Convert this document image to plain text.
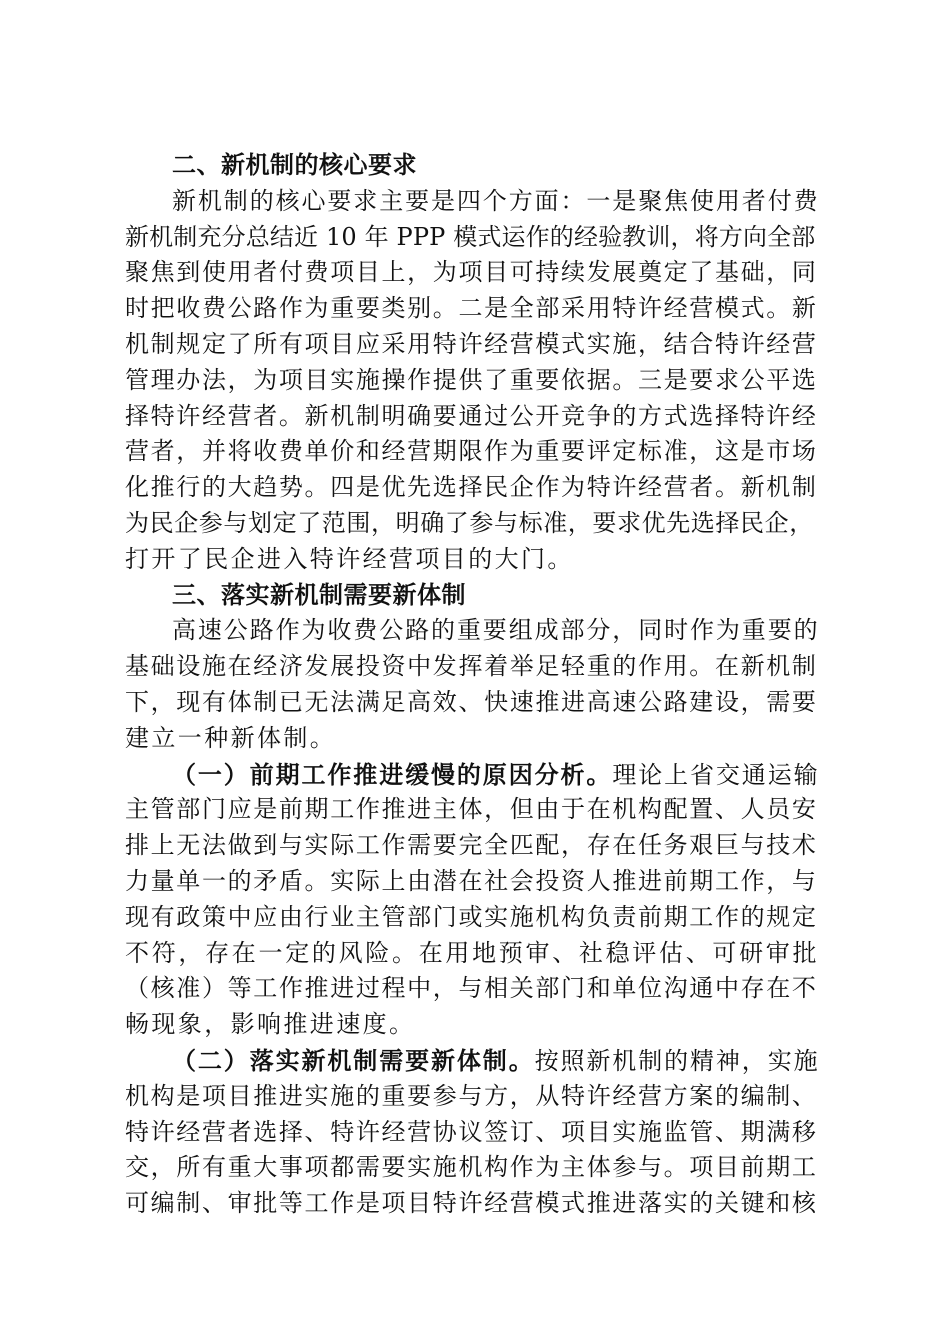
二、新机制的核心要求
新机制的核心要求主要是四个方面：一是聚焦使用者付费
新机制充分总结近 10 年 PPP 模式运作的经验教训，将方向全部
聚焦到使用者付费项目上，为项目可持续发展奠定了基础，同
时把收费公路作为重要类别。二是全部采用特许经营模式。新
机制规定了所有项目应采用特许经营模式实施，结合特许经营
管理办法，为项目实施操作提供了重要依据。三是要求公平选
择特许经营者。新机制明确要通过公开竞争的方式选择特许经
营者，并将收费单价和经营期限作为重要评定标准，这是市场
化推行的大趋势。四是优先选择民企作为特许经营者。新机制
为民企参与划定了范围，明确了参与标准，要求优先选择民企，
打开了民企进入特许经营项目的大门。
三、落实新机制需要新体制
高速公路作为收费公路的重要组成部分，同时作为重要的
基础设施在经济发展投资中发挥着举足轻重的作用。在新机制
下，现有体制已无法满足高效、快速推进高速公路建设，需要
建立一种新体制。
（一）前期工作推进缓慢的原因分析。理论上省交通运输
主管部门应是前期工作推进主体，但由于在机构配置、人员安
排上无法做到与实际工作需要完全匹配，存在任务艰巨与技术
力量单一的矛盾。实际上由潜在社会投资人推进前期工作，与
现有政策中应由行业主管部门或实施机构负责前期工作的规定
不符，存在一定的风险。在用地预审、社稳评估、可研审批
（核准）等工作推进过程中，与相关部门和单位沟通中存在不
畅现象，影响推进速度。
（二）落实新机制需要新体制。按照新机制的精神，实施
机构是项目推进实施的重要参与方，从特许经营方案的编制、
特许经营者选择、特许经营协议签订、项目实施监管、期满移
交，所有重大事项都需要实施机构作为主体参与。项目前期工
可编制、审批等工作是项目特许经营模式推进落实的关键和核
